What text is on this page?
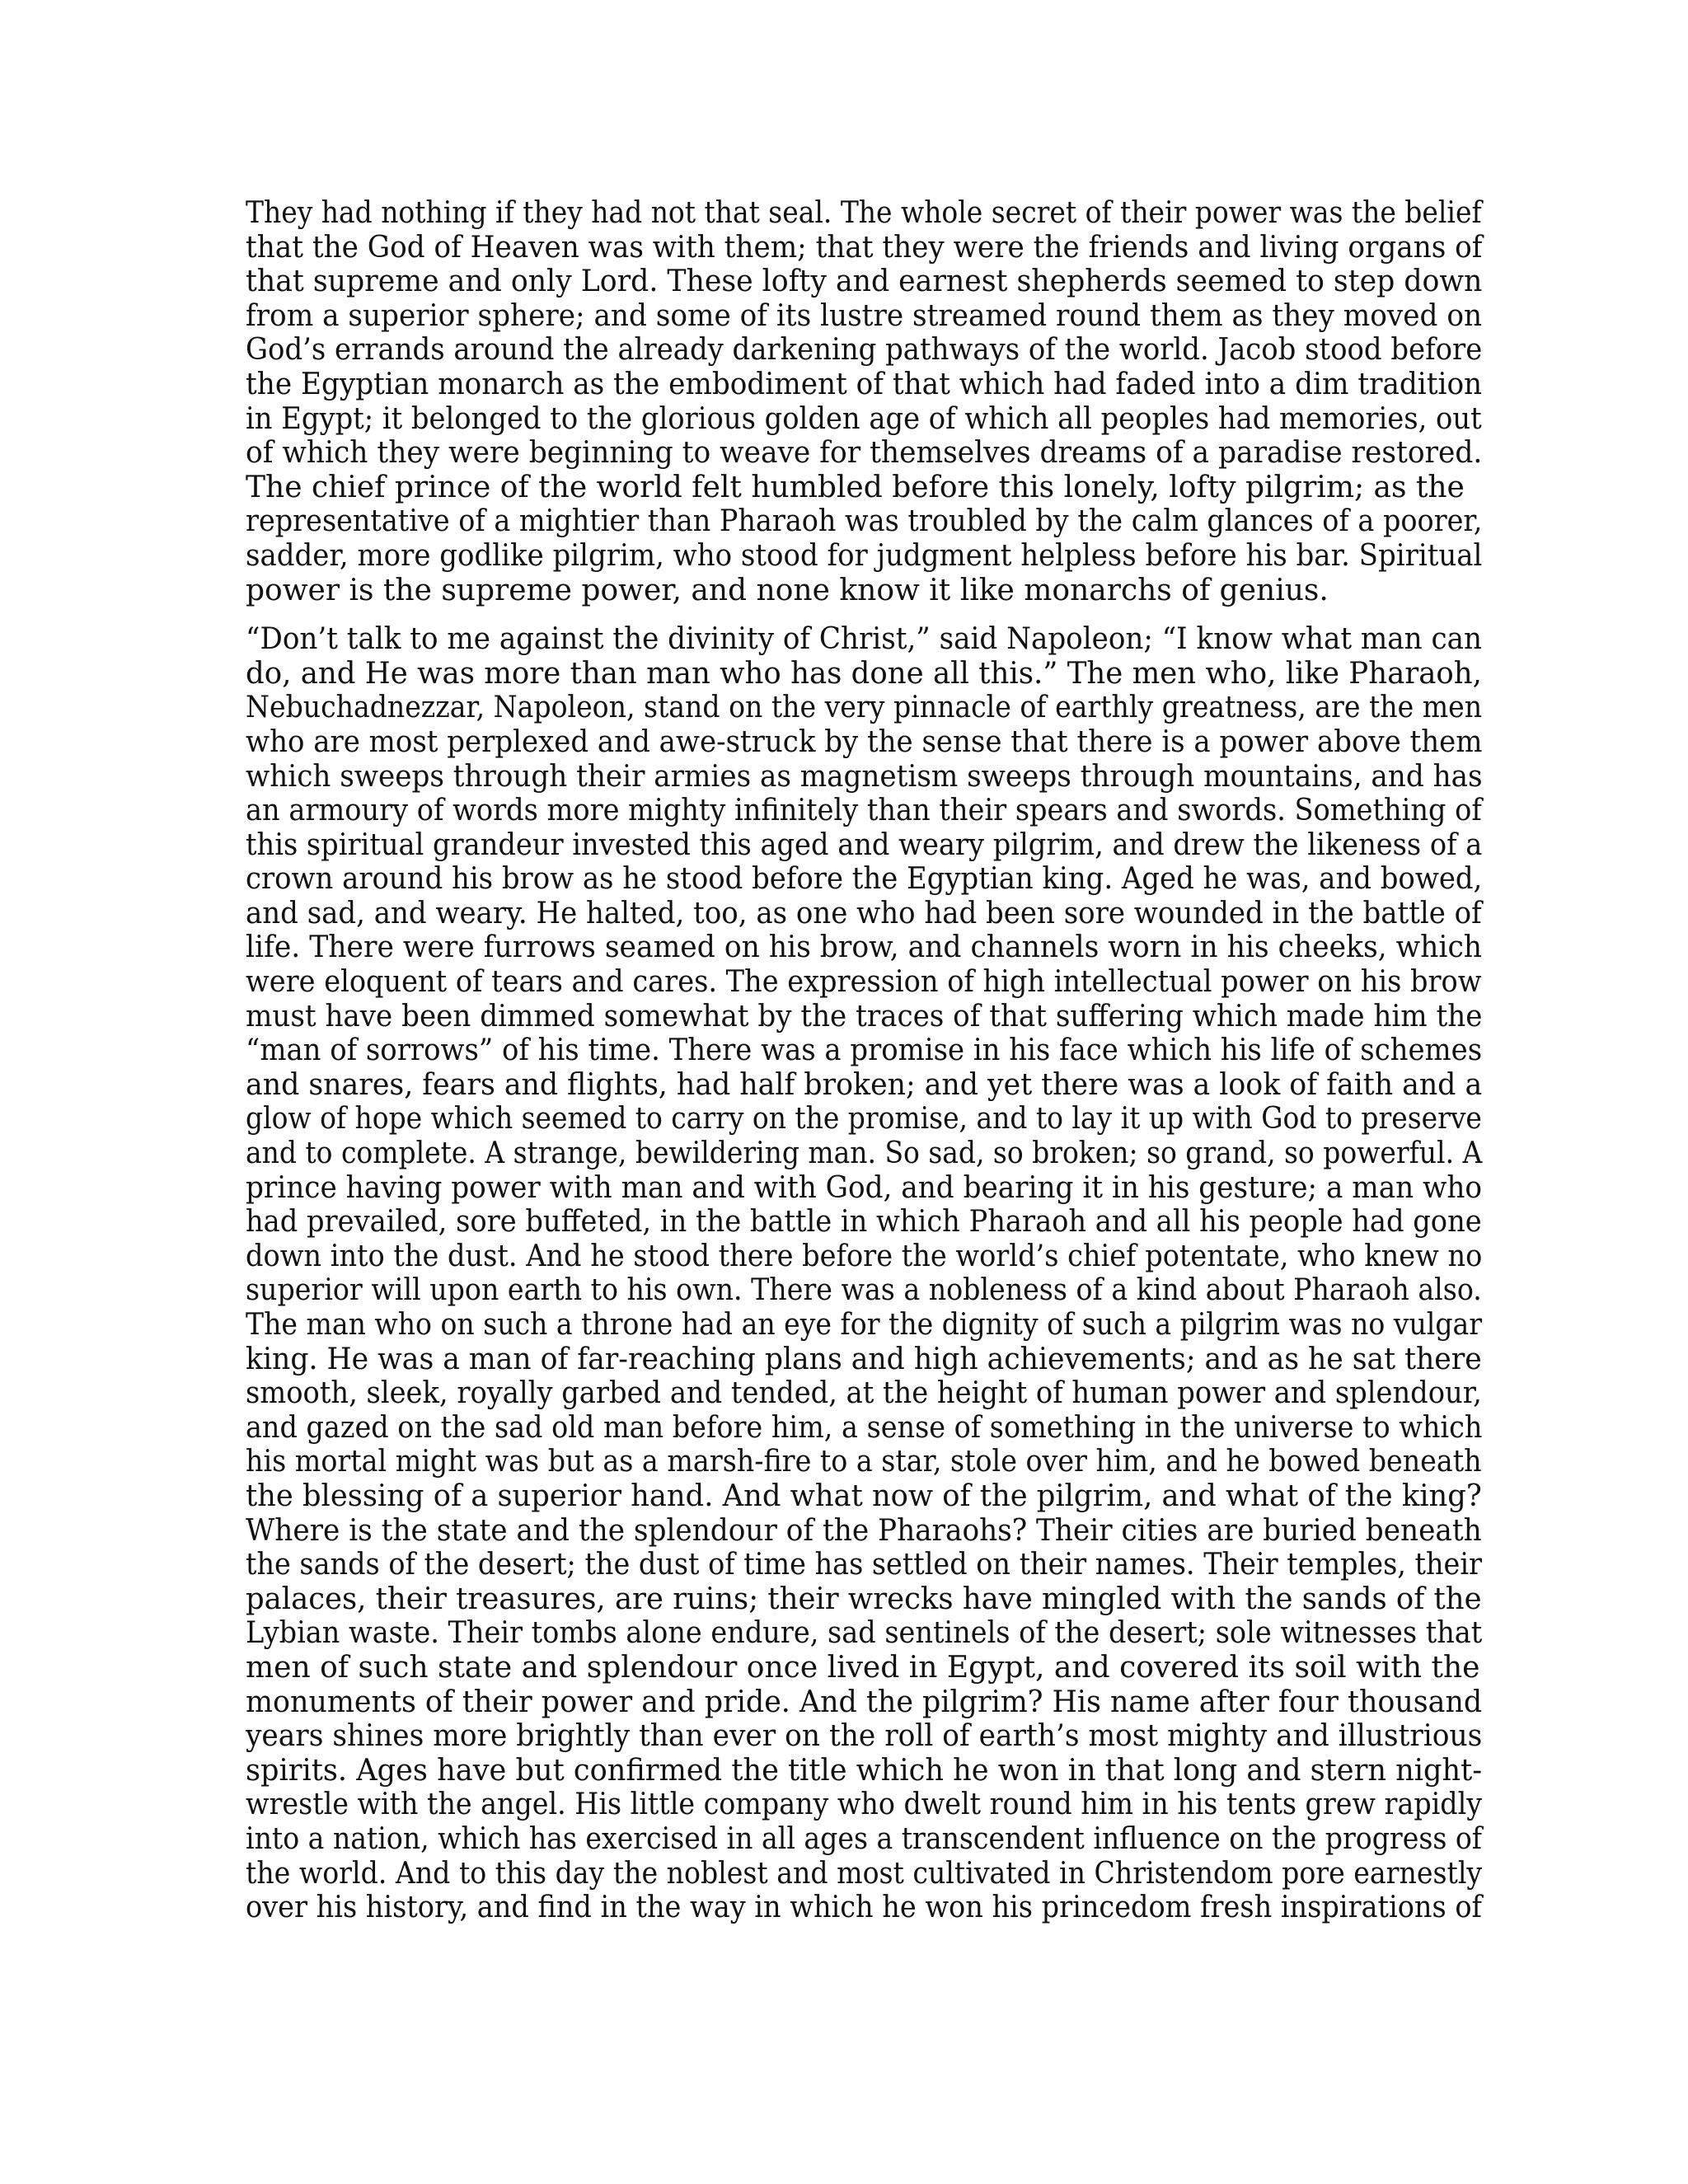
They had nothing if they had not that seal. The whole secret of their power was the belief
that the God of Heaven was with them; that they were the friends and living organs of
that supreme and only Lord. These lofty and earnest shepherds seemed to step down
from a superior sphere; and some of its lustre streamed round them as they moved on
God’s errands around the already darkening pathways of the world. Jacob stood before
the Egyptian monarch as the embodiment of that which had faded into a dim tradition
in Egypt; it belonged to the glorious golden age of which all peoples had memories, out
of which they were beginning to weave for themselves dreams of a paradise restored.
The chief prince of the world felt humbled before this lonely, lofty pilgrim; as the
representative of a mightier than Pharaoh was troubled by the calm glances of a poorer,
sadder, more godlike pilgrim, who stood for judgment helpless before his bar. Spiritual
power is the supreme power, and none know it like monarchs of genius.
“Don’t talk to me against the divinity of Christ,” said Napoleon; “I know what man can
do, and He was more than man who has done all this.” The men who, like Pharaoh,
Nebuchadnezzar, Napoleon, stand on the very pinnacle of earthly greatness, are the men
who are most perplexed and awe-struck by the sense that there is a power above them
which sweeps through their armies as magnetism sweeps through mountains, and has
an armoury of words more mighty infinitely than their spears and swords. Something of
this spiritual grandeur invested this aged and weary pilgrim, and drew the likeness of a
crown around his brow as he stood before the Egyptian king. Aged he was, and bowed,
and sad, and weary. He halted, too, as one who had been sore wounded in the battle of
life. There were furrows seamed on his brow, and channels worn in his cheeks, which
were eloquent of tears and cares. The expression of high intellectual power on his brow
must have been dimmed somewhat by the traces of that suffering which made him the
“man of sorrows” of his time. There was a promise in his face which his life of schemes
and snares, fears and flights, had half broken; and yet there was a look of faith and a
glow of hope which seemed to carry on the promise, and to lay it up with God to preserve
and to complete. A strange, bewildering man. So sad, so broken; so grand, so powerful. A
prince having power with man and with God, and bearing it in his gesture; a man who
had prevailed, sore buffeted, in the battle in which Pharaoh and all his people had gone
down into the dust. And he stood there before the world’s chief potentate, who knew no
superior will upon earth to his own. There was a nobleness of a kind about Pharaoh also.
The man who on such a throne had an eye for the dignity of such a pilgrim was no vulgar
king. He was a man of far-reaching plans and high achievements; and as he sat there
smooth, sleek, royally garbed and tended, at the height of human power and splendour,
and gazed on the sad old man before him, a sense of something in the universe to which
his mortal might was but as a marsh-fire to a star, stole over him, and he bowed beneath
the blessing of a superior hand. And what now of the pilgrim, and what of the king?
Where is the state and the splendour of the Pharaohs? Their cities are buried beneath
the sands of the desert; the dust of time has settled on their names. Their temples, their
palaces, their treasures, are ruins; their wrecks have mingled with the sands of the
Lybian waste. Their tombs alone endure, sad sentinels of the desert; sole witnesses that
men of such state and splendour once lived in Egypt, and covered its soil with the
monuments of their power and pride. And the pilgrim? His name after four thousand
years shines more brightly than ever on the roll of earth’s most mighty and illustrious
spirits. Ages have but confirmed the title which he won in that long and stern night-
wrestle with the angel. His little company who dwelt round him in his tents grew rapidly
into a nation, which has exercised in all ages a transcendent influence on the progress of
the world. And to this day the noblest and most cultivated in Christendom pore earnestly
over his history, and find in the way in which he won his princedom fresh inspirations of
